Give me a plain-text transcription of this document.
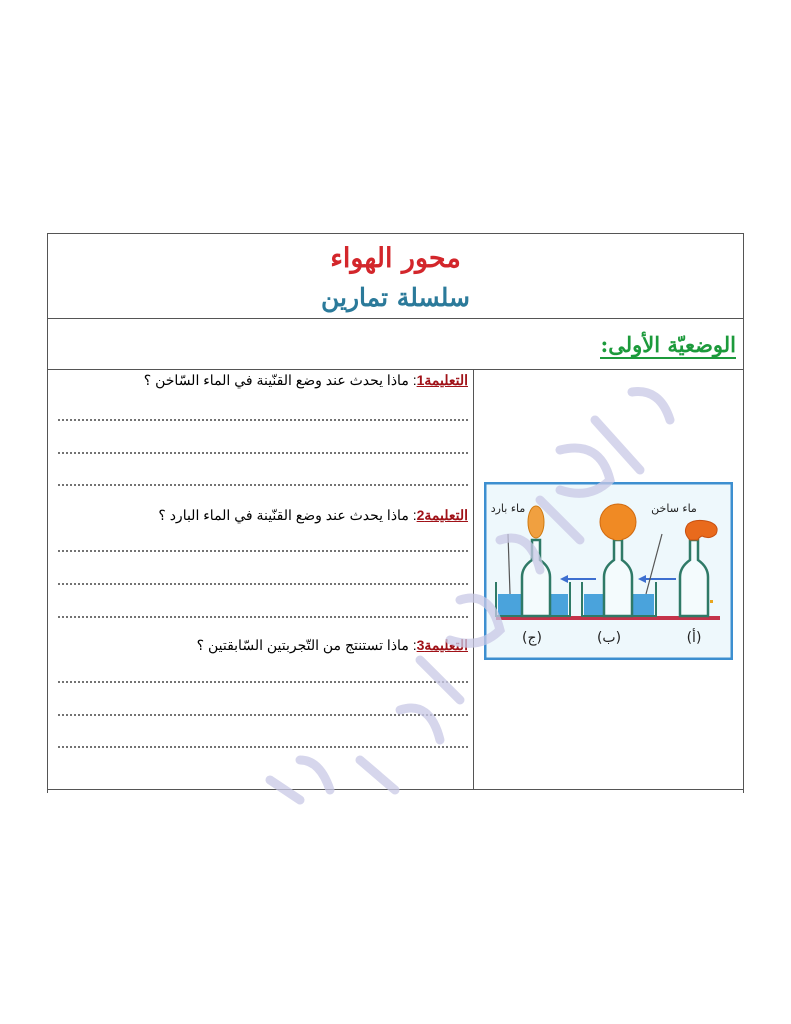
محور الهواء
سلسلة تمارين
الوضعيّة الأولى:
التعليمة1: ماذا يحدث عند وضع القنّينة في الماء السّاخن ؟
التعليمة2: ماذا يحدث عند وضع القنّينة في الماء البارد ؟
التعليمة3: ماذا تستنتج من التّجربتين السّابقتين ؟
ماء ساخن
ماء بارد
(أ)
(ب)
(ج)
